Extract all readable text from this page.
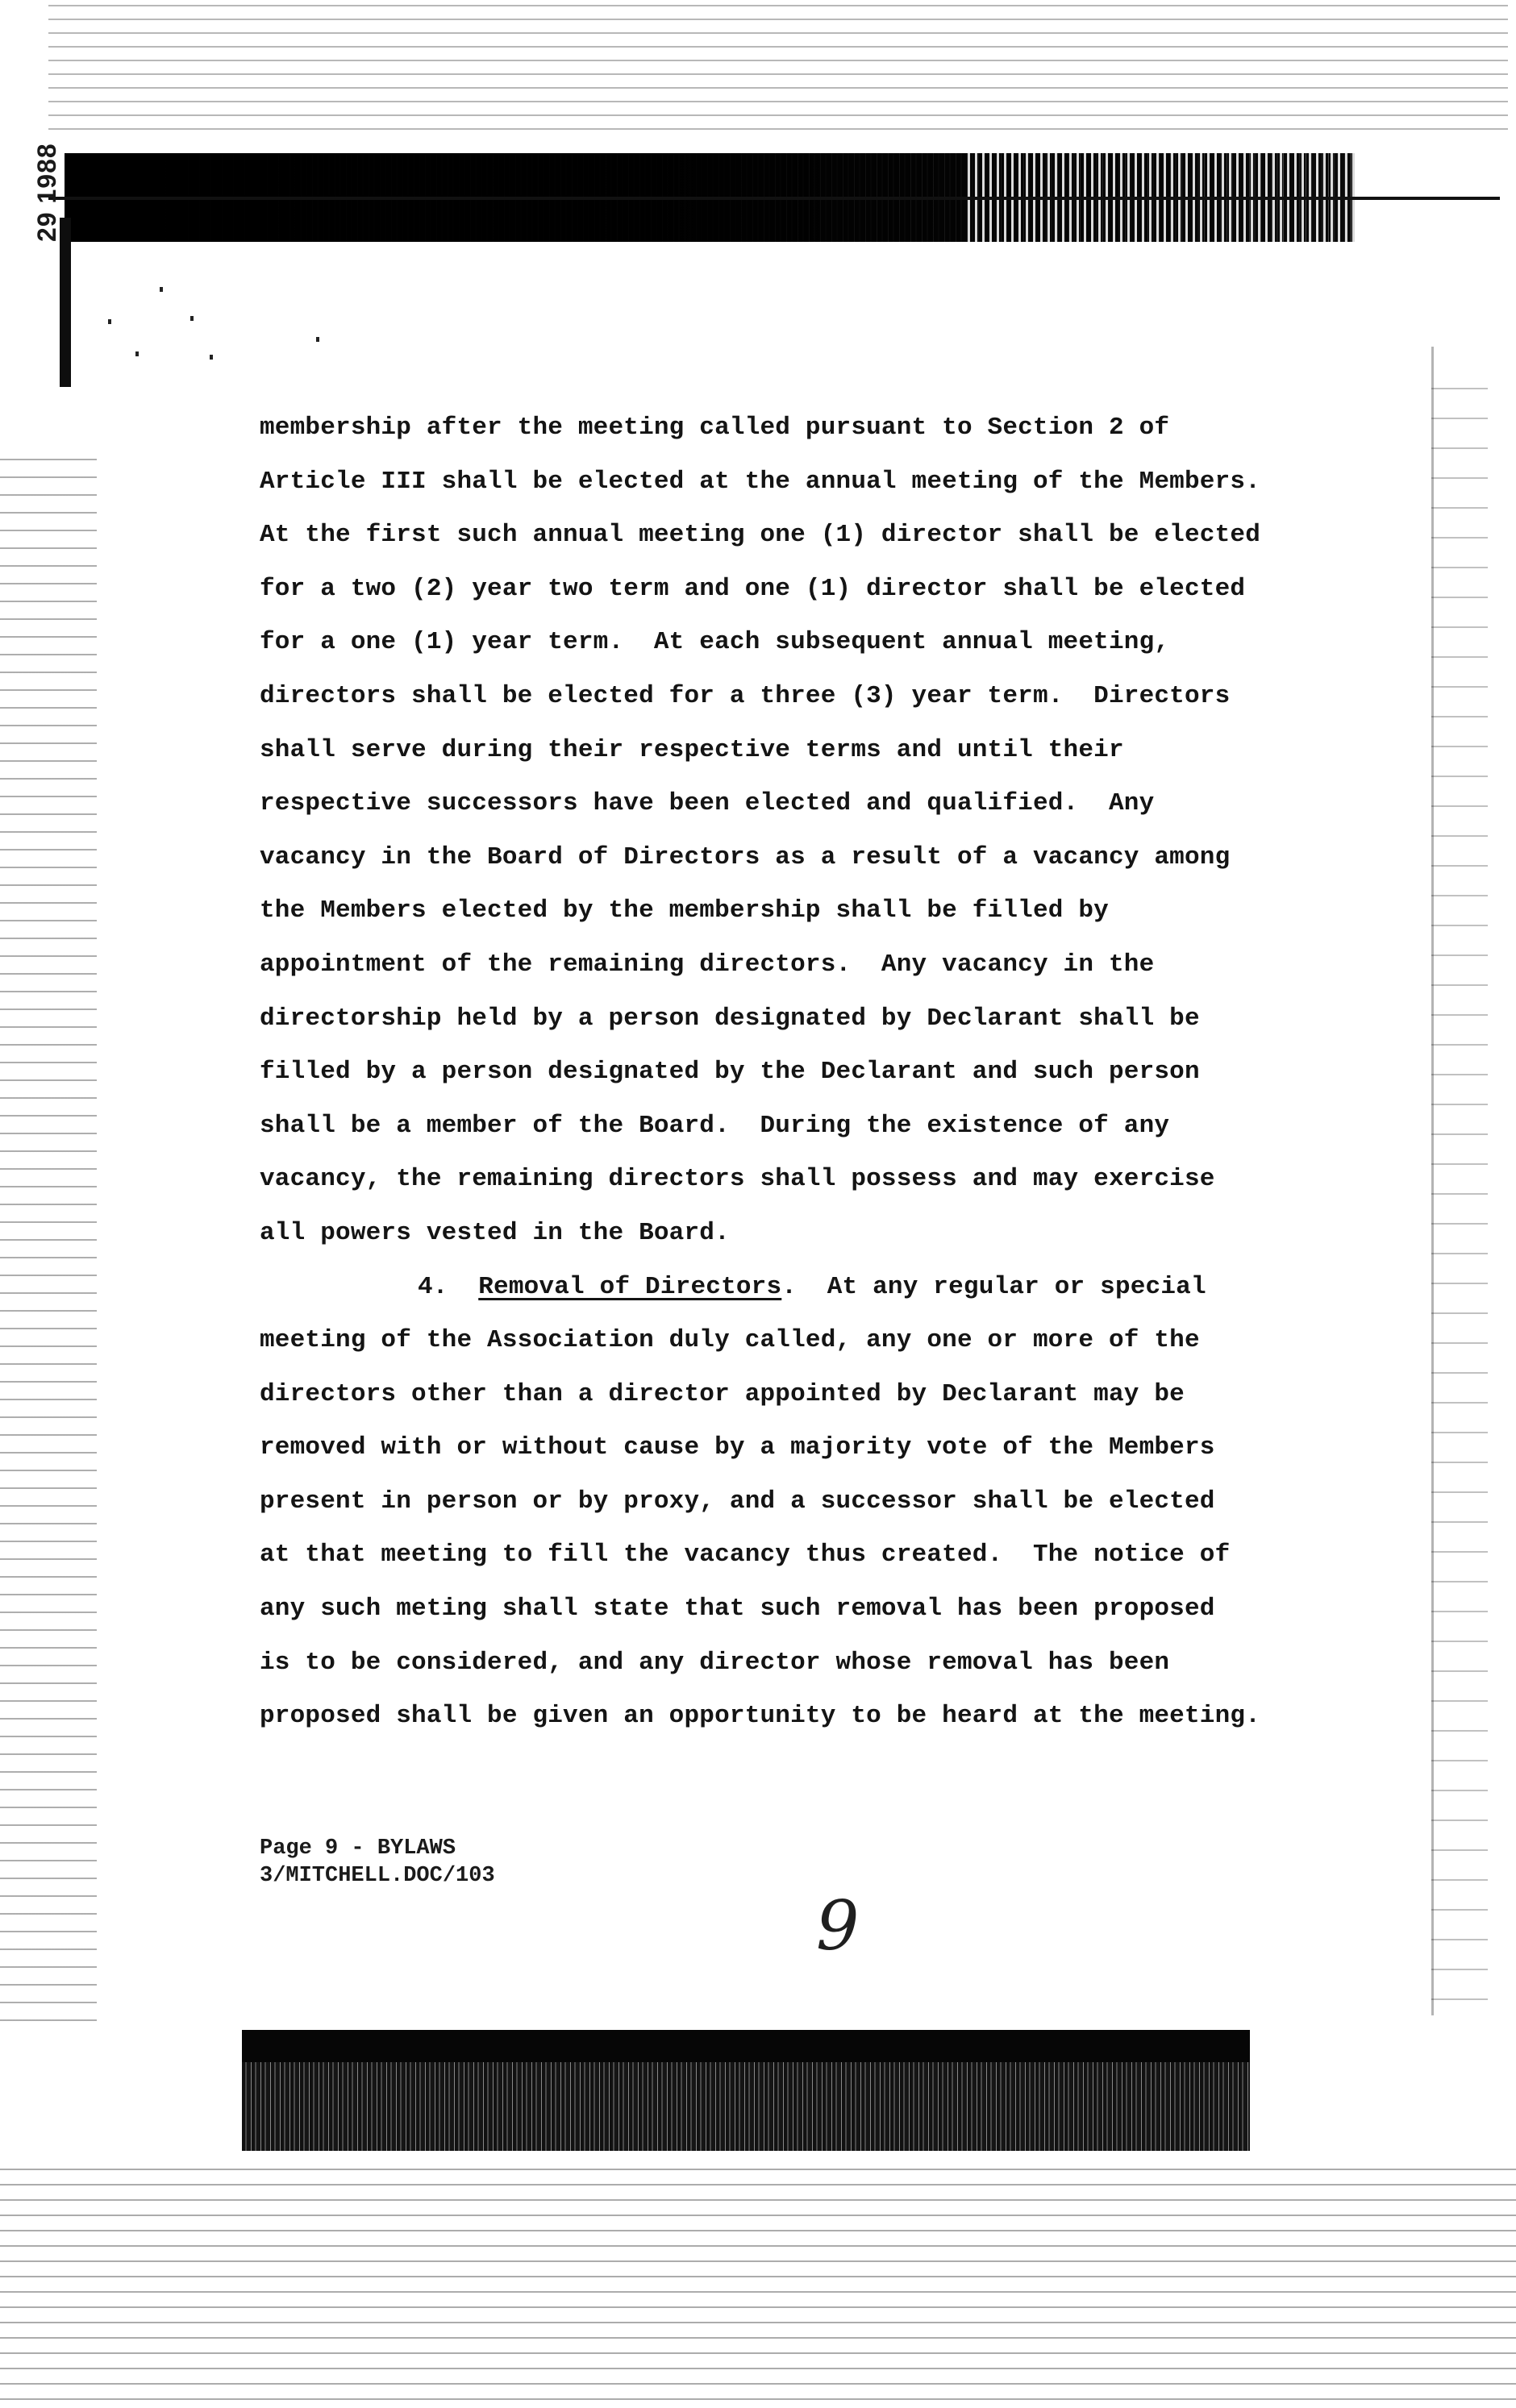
29 1988
membership after the meeting called pursuant to Section 2 of
Article III shall be elected at the annual meeting of the Members.
At the first such annual meeting one (1) director shall be elected
for a two (2) year two term and one (1) director shall be elected
for a one (1) year term.  At each subsequent annual meeting,
directors shall be elected for a three (3) year term.  Directors
shall serve during their respective terms and until their
respective successors have been elected and qualified.  Any
vacancy in the Board of Directors as a result of a vacancy among
the Members elected by the membership shall be filled by
appointment of the remaining directors.  Any vacancy in the
directorship held by a person designated by Declarant shall be
filled by a person designated by the Declarant and such person
shall be a member of the Board.  During the existence of any
vacancy, the remaining directors shall possess and may exercise
all powers vested in the Board.
4. Removal of Directors.  At any regular or special
meeting of the Association duly called, any one or more of the
directors other than a director appointed by Declarant may be
removed with or without cause by a majority vote of the Members
present in person or by proxy, and a successor shall be elected
at that meeting to fill the vacancy thus created.  The notice of
any such meting shall state that such removal has been proposed
is to be considered, and any director whose removal has been
proposed shall be given an opportunity to be heard at the meeting.
Page 9 - BYLAWS
3/MITCHELL.DOC/103
9
